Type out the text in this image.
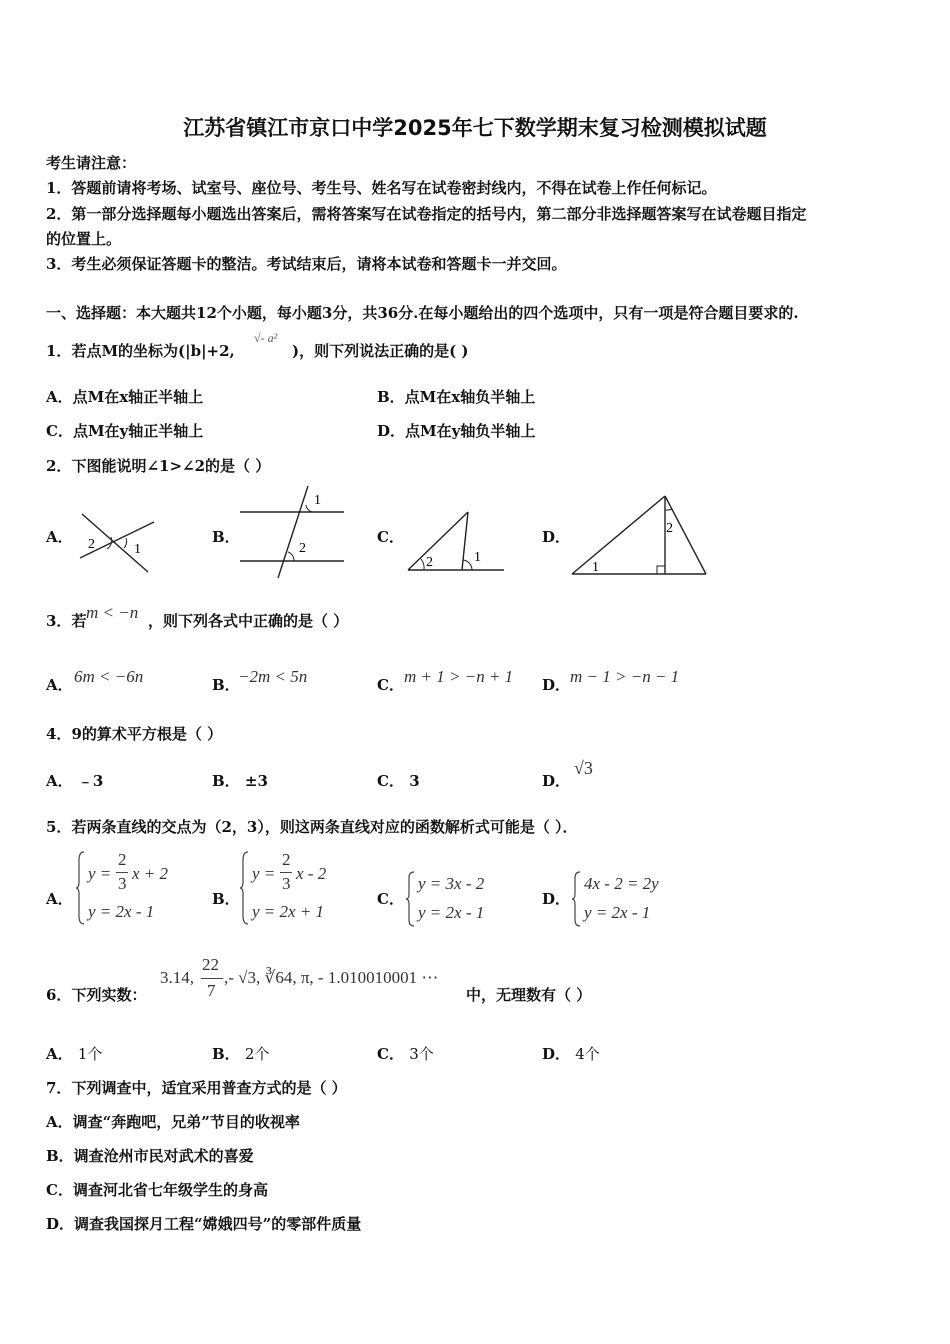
江苏省镇江市京口中学2025年七下数学期末复习检测模拟试题
考生请注意：
1．答题前请将考场、试室号、座位号、考生号、姓名写在试卷密封线内，不得在试卷上作任何标记。
2．第一部分选择题每小题选出答案后，需将答案写在试卷指定的括号内，第二部分非选择题答案写在试卷题目指定
的位置上。
3．考生必须保证答题卡的整洁。考试结束后，请将本试卷和答题卡一并交回。
一、选择题：本大题共12个小题，每小题3分，共36分.在每小题给出的四个选项中，只有一项是符合题目要求的.
1．若点M的坐标为(|b|+2,
√- a²
)，则下列说法正确的是( )
A．点M在x轴正半轴上	B．点M在x轴负半轴上
C．点M在y轴正半轴上	D．点M在y轴负半轴上
2．下图能说明∠1>∠2的是（ ）
A．	B．	C．	D．
2	1
1
2
2	1
2
1
3．若 m < −n ，则下列各式中正确的是（ ）
A． 6m < −6n	B．
−2m < 5n	C． m + 1 > −n + 1 D． m − 1 > −n − 1
4．9的算术平方根是（ ）
A． ﹣3	B． ±3	C． 3	D．
√3
5．若两条直线的交点为（2，3），则这两条直线对应的函数解析式可能是（ ）．
A．
y =
2
3
x + 2
y = 2x - 1
B．
y =
2
3
x - 2
y = 2x + 1
C．
y = 3x - 2
y = 2x - 1
D．
4x - 2 = 2y
y = 2x - 1
6．下列实数：
3.14,
22
7
,- √3, ∛64, π, - 1.010010001 ⋯
中，无理数有（ ）
A． 1个	B． 2个	C． 3个	D． 4个
7．下列调查中，适宜采用普查方式的是（ ）
A．调查“奔跑吧，兄弟”节目的收视率
B．调查沧州市民对武术的喜爱
C．调查河北省七年级学生的身高
D．调查我国探月工程“嫦娥四号”的零部件质量
